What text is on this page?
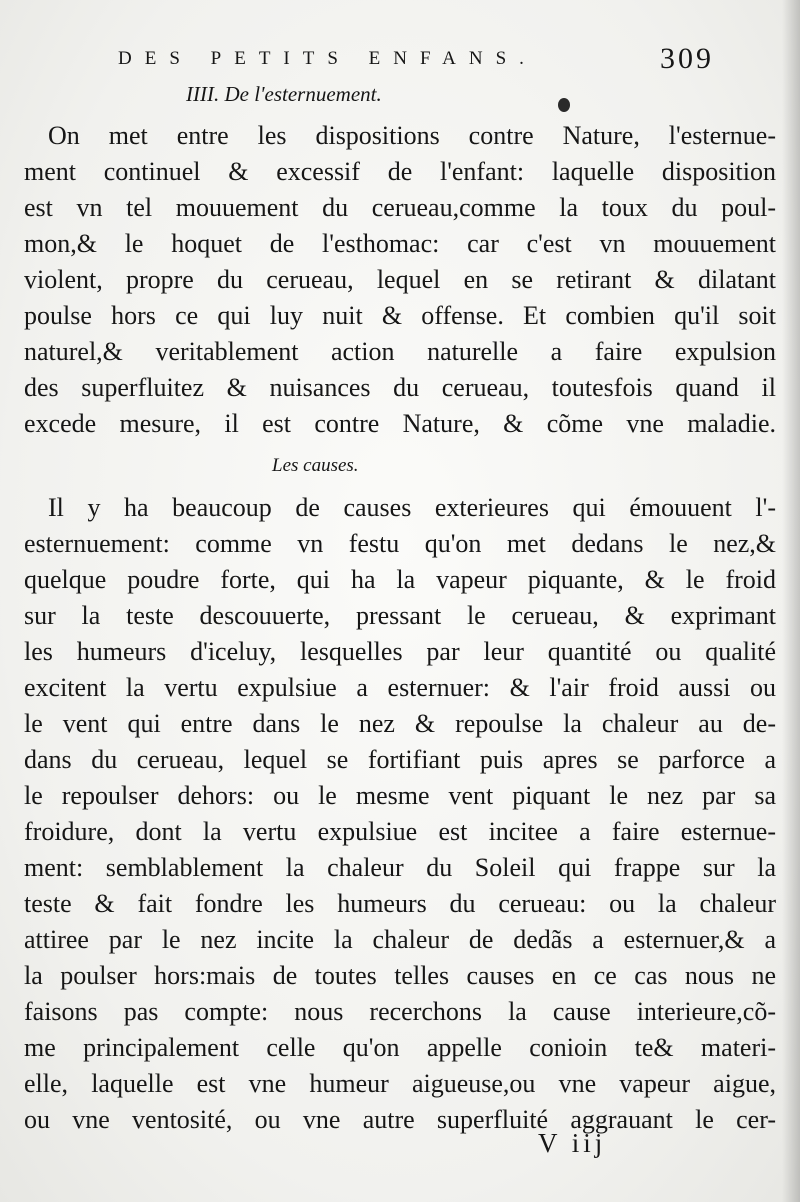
DES PETITS ENFANS.	309
IIII. De l'esternuement.
On met entre les dispositions contre Nature, l'esternue-
ment continuel & excessif de l'enfant: laquelle disposition
est vn tel mouuement du cerueau,comme la toux du poul-
mon,& le hoquet de l'esthomac: car c'est vn mouuement
violent, propre du cerueau, lequel en se retirant & dilatant
poulse hors ce qui luy nuit & offense. Et combien qu'il soit
naturel,& veritablement action naturelle a faire expulsion
des superfluitez & nuisances du cerueau, toutesfois quand il
excede mesure, il est contre Nature, & cõme vne maladie.
Les causes.
Il y ha beaucoup de causes exterieures qui émouuent l'-
esternuement: comme vn festu qu'on met dedans le nez,&
quelque poudre forte, qui ha la vapeur piquante, & le froid
sur la teste descouuerte, pressant le cerueau, & exprimant
les humeurs d'iceluy, lesquelles par leur quantité ou qualité
excitent la vertu expulsiue a esternuer: & l'air froid aussi ou
le vent qui entre dans le nez & repoulse la chaleur au de-
dans du cerueau, lequel se fortifiant puis apres se parforce a
le repoulser dehors: ou le mesme vent piquant le nez par sa
froidure, dont la vertu expulsiue est incitee a faire esternue-
ment: semblablement la chaleur du Soleil qui frappe sur la
teste & fait fondre les humeurs du cerueau: ou la chaleur
attiree par le nez incite la chaleur de dedãs a esternuer,& a
la poulser hors:mais de toutes telles causes en ce cas nous ne
faisons pas compte: nous recerchons la cause interieure,cõ-
me principalement celle qu'on appelle conioin te& materi-
elle, laquelle est vne humeur aigueuse,ou vne vapeur aigue,
ou vne ventosité, ou vne autre superfluité aggrauant le cer-
V iij
